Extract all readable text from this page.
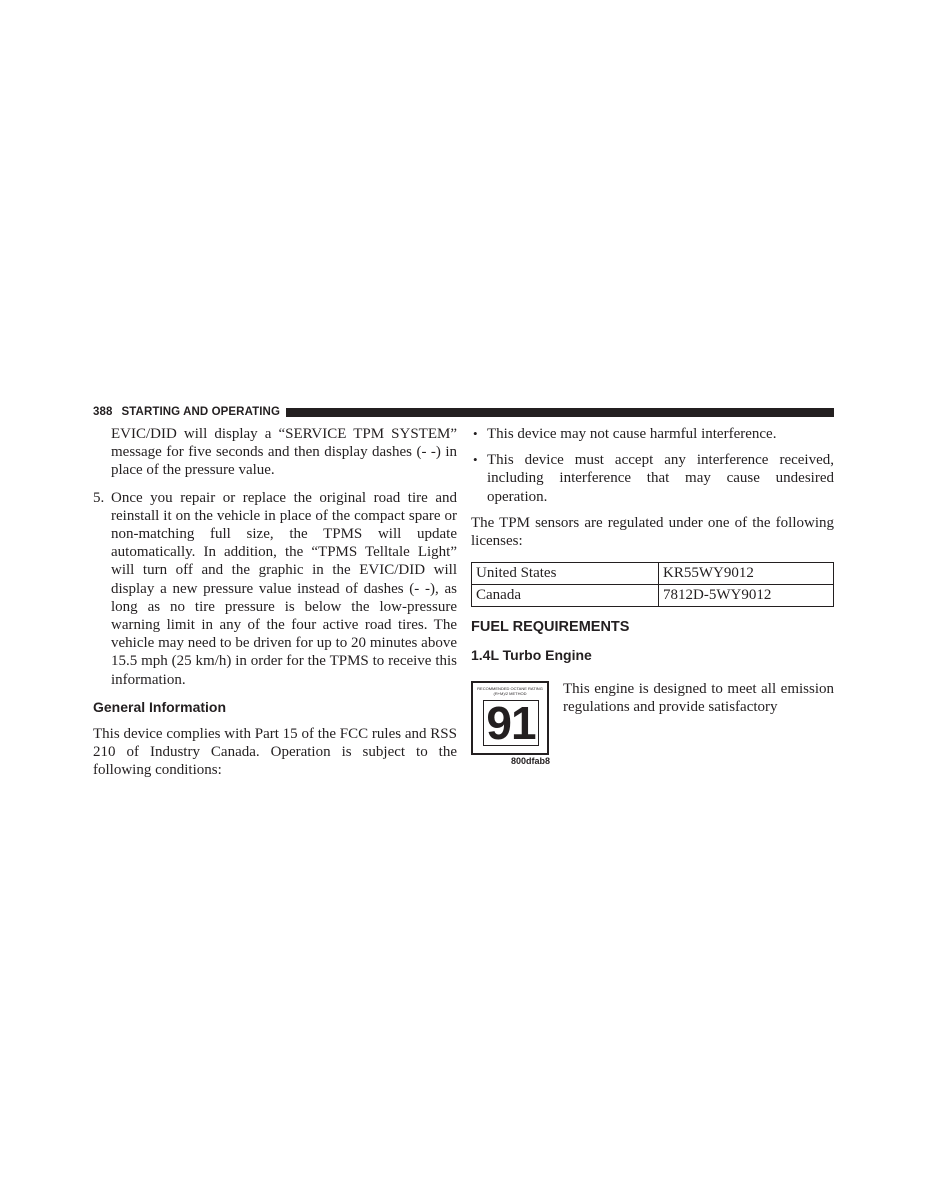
388 STARTING AND OPERATING

EVIC/DID will display a “SERVICE TPM SYSTEM” message for five seconds and then display dashes (- -) in place of the pressure value.

5. Once you repair or replace the original road tire and reinstall it on the vehicle in place of the compact spare or non-matching full size, the TPMS will update automatically. In addition, the “TPMS Telltale Light” will turn off and the graphic in the EVIC/DID will display a new pressure value instead of dashes (- -), as long as no tire pressure is below the low-pressure warning limit in any of the four active road tires. The vehicle may need to be driven for up to 20 minutes above 15.5 mph (25 km/h) in order for the TPMS to receive this information.

General Information

This device complies with Part 15 of the FCC rules and RSS 210 of Industry Canada. Operation is subject to the following conditions:

• This device may not cause harmful interference.

• This device must accept any interference received, including interference that may cause undesired operation.

The TPM sensors are regulated under one of the following licenses:

United States	KR55WY9012
Canada	7812D-5WY9012
FUEL REQUIREMENTS
1.4L Turbo Engine
RECOMMENDED OCTANE RATING (R+M)/2 METHOD
91
800dfab8

This engine is designed to meet all emission regulations and provide satisfactory
